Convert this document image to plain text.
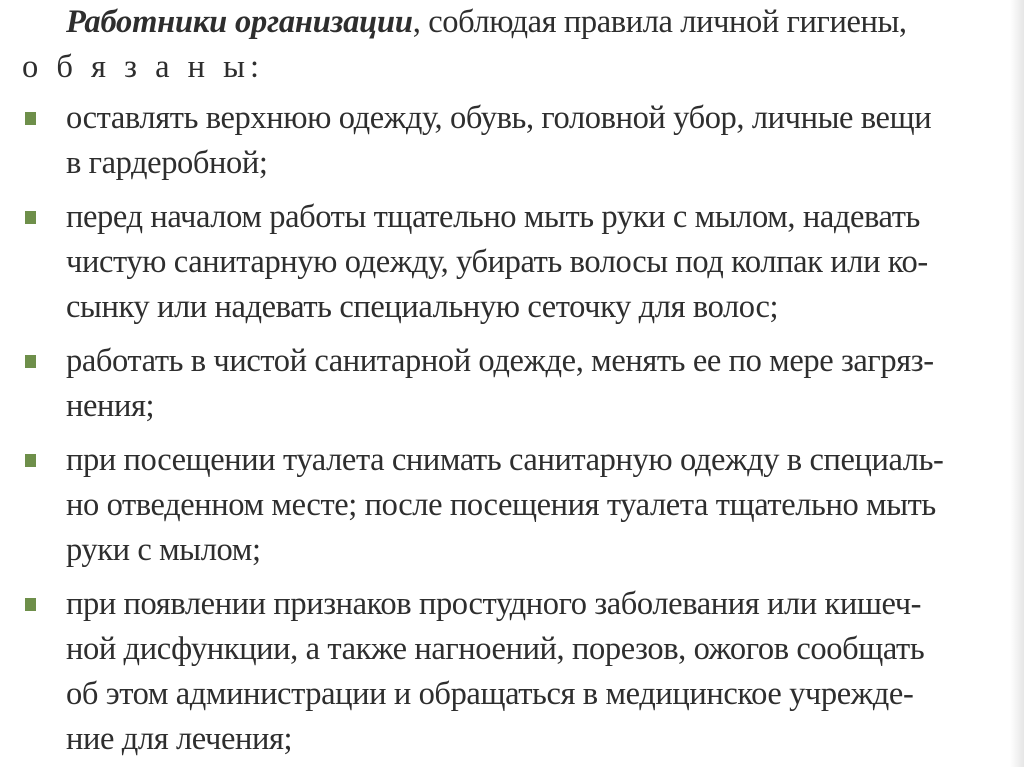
Работники организации, соблюдая правила личной гигиены,
о б я з а н ы:

оставлять верхнюю одежду, обувь, головной убор, личные вещи
в гардеробной;
перед началом работы тщательно мыть руки с мылом, надевать
чистую санитарную одежду, убирать волосы под колпак или ко-
сынку или надевать специальную сеточку для волос;
работать в чистой санитарной одежде, менять ее по мере загряз-
нения;
при посещении туалета снимать санитарную одежду в специаль-
но отведенном месте; после посещения туалета тщательно мыть
руки с мылом;
при появлении признаков простудного заболевания или кишеч-
ной дисфункции, а также нагноений, порезов, ожогов сообщать
об этом администрации и обращаться в медицинское учрежде-
ние для лечения;
